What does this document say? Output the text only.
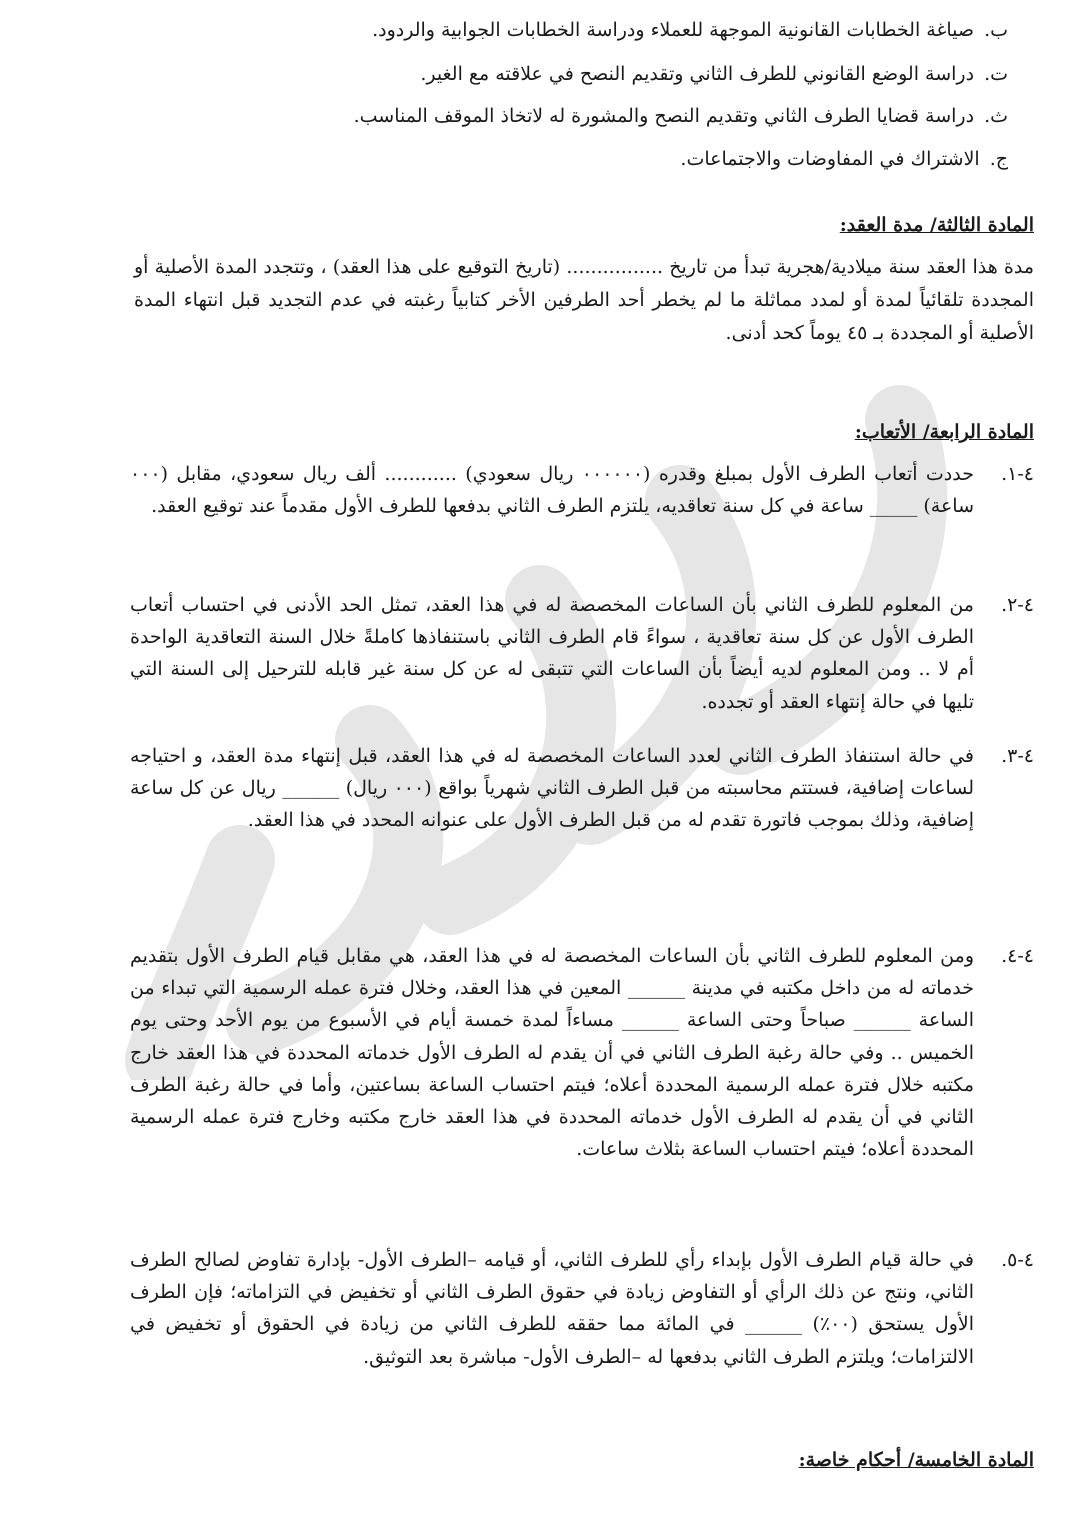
ب.صياغة الخطابات القانونية الموجهة للعملاء ودراسة الخطابات الجوابية والردود.
ت.دراسة الوضع القانوني للطرف الثاني وتقديم النصح في علاقته مع الغير.
ث.دراسة قضايا الطرف الثاني وتقديم النصح والمشورة له لاتخاذ الموقف المناسب.
ج.الاشتراك في المفاوضات والاجتماعات.
المادة الثالثة/ مدة العقد:
مدة هذا العقد سنة ميلادية/هجرية تبدأ من تاريخ ................ (تاريخ التوقيع على هذا العقد) ، وتتجدد المدة الأصلية أو المجددة تلقائياً لمدة أو لمدد مماثلة ما لم يخطر أحد الطرفين الأخر كتابياً رغبته في عدم التجديد قبل انتهاء المدة الأصلية أو المجددة بـ ٤٥ يوماً كحد أدنى.
المادة الرابعة/ الأتعاب:
٤-١.
حددت أتعاب الطرف الأول بمبلغ وقدره (٠٠٠٠٠٠ ريال سعودي) ............ ألف ريال سعودي، مقابل (٠٠٠ ساعة) _____ ساعة في كل سنة تعاقديه، يلتزم الطرف الثاني بدفعها للطرف الأول مقدماً عند توقيع العقد.
٤-٢.
من المعلوم للطرف الثاني بأن الساعات المخصصة له في هذا العقد، تمثل الحد الأدنى في احتساب أتعاب الطرف الأول عن كل سنة تعاقدية ، سواءً قام الطرف الثاني باستنفاذها كاملةً خلال السنة التعاقدية الواحدة أم لا .. ومن المعلوم لديه أيضاً بأن الساعات التي تتبقى له عن كل سنة غير قابله للترحيل إلى السنة التي تليها في حالة إنتهاء العقد أو تجدده.
٤-٣.
في حالة استنفاذ الطرف الثاني لعدد الساعات المخصصة له في هذا العقد، قبل إنتهاء مدة العقد، و احتياجه لساعات إضافية، فستتم محاسبته من قبل الطرف الثاني شهرياً بواقع (٠٠٠ ريال) ______ ريال عن كل ساعة إضافية، وذلك بموجب فاتورة تقدم له من قبل الطرف الأول على عنوانه المحدد في هذا العقد.
٤-٤.
ومن المعلوم للطرف الثاني بأن الساعات المخصصة له في هذا العقد، هي مقابل قيام الطرف الأول بتقديم خدماته له من داخل مكتبه في مدينة ______ المعين في هذا العقد، وخلال فترة عمله الرسمية التي تبداء من الساعة ______ صباحاً وحتى الساعة ______ مساءاً لمدة خمسة أيام في الأسبوع من يوم الأحد وحتى يوم الخميس .. وفي حالة رغبة الطرف الثاني في أن يقدم له الطرف الأول خدماته المحددة في هذا العقد خارج مكتبه خلال فترة عمله الرسمية المحددة أعلاه؛ فيتم احتساب الساعة بساعتين، وأما في حالة رغبة الطرف الثاني في أن يقدم له الطرف الأول خدماته المحددة في هذا العقد خارج مكتبه وخارج فترة عمله الرسمية المحددة أعلاه؛ فيتم احتساب الساعة بثلاث ساعات.
٤-٥.
في حالة قيام الطرف الأول بإبداء رأي للطرف الثاني، أو قيامه –الطرف الأول- بإدارة تفاوض لصالح الطرف الثاني، ونتج عن ذلك الرأي أو التفاوض زيادة في حقوق الطرف الثاني أو تخفيض في التزاماته؛ فإن الطرف الأول يستحق (٠٠٪) ______ في المائة مما حققه للطرف الثاني من زيادة في الحقوق أو تخفيض في الالتزامات؛ ويلتزم الطرف الثاني بدفعها له –الطرف الأول- مباشرة بعد التوثيق.
المادة الخامسة/ أحكام خاصة:
